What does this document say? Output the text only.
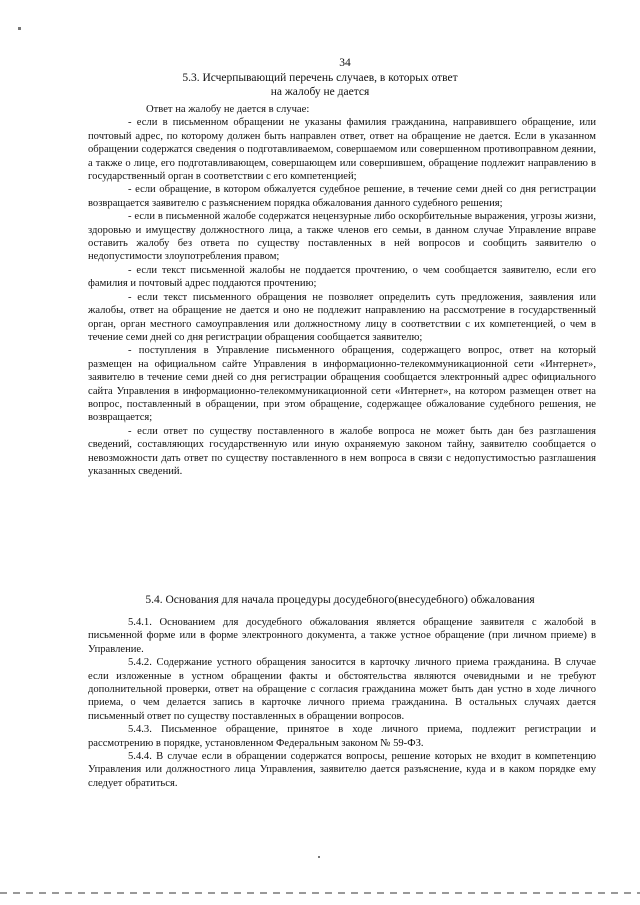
34
5.3. Исчерпывающий перечень случаев, в которых ответ
на жалобу не дается

Ответ на жалобу не дается в случае:

- если в письменном обращении не указаны фамилия гражданина, направившего обращение, или почтовый адрес, по которому должен быть направлен ответ, ответ на обращение не дается. Если в указанном обращении содержатся сведения о подготавливаемом, совершаемом или совершенном противоправном деянии, а также о лице, его подготавливающем, совершающем или совершившем, обращение подлежит направлению в государственный орган в соответствии с его компетенцией;

- если обращение, в котором обжалуется судебное решение, в течение семи дней со дня регистрации возвращается заявителю с разъяснением порядка обжалования данного судебного решения;

- если в письменной жалобе содержатся нецензурные либо оскорбительные выражения, угрозы жизни, здоровью и имуществу должностного лица, а также членов его семьи, в данном случае Управление вправе оставить жалобу без ответа по существу поставленных в ней вопросов и сообщить заявителю о недопустимости злоупотребления правом;

- если текст письменной жалобы не поддается прочтению, о чем сообщается заявителю, если его фамилия и почтовый адрес поддаются прочтению;

- если текст письменного обращения не позволяет определить суть предложения, заявления или жалобы, ответ на обращение не дается и оно не подлежит направлению на рассмотрение в государственный орган, орган местного самоуправления или должностному лицу в соответствии с их компетенцией, о чем в течение семи дней со дня регистрации обращения сообщается заявителю;

- поступления в Управление письменного обращения, содержащего вопрос, ответ на который размещен на официальном сайте Управления в информационно-телекоммуникационной сети «Интернет», заявителю в течение семи дней со дня регистрации обращения сообщается электронный адрес официального сайта Управления в информационно-телекоммуникационной сети «Интернет», на котором размещен ответ на вопрос, поставленный в обращении, при этом обращение, содержащее обжалование судебного решения, не возвращается;

- если ответ по существу поставленного в жалобе вопроса не может быть дан без разглашения сведений, составляющих государственную или иную охраняемую законом тайну, заявителю сообщается о невозможности дать ответ по существу поставленного в нем вопроса в связи с недопустимостью разглашения указанных сведений.

5.4. Основания для начала процедуры досудебного(внесудебного) обжалования

5.4.1. Основанием для досудебного обжалования является обращение заявителя с жалобой в письменной форме или в форме электронного документа, а также устное обращение (при личном приеме) в Управление.

5.4.2. Содержание устного обращения заносится в карточку личного приема гражданина. В случае если изложенные в устном обращении факты и обстоятельства являются очевидными и не требуют дополнительной проверки, ответ на обращение с согласия гражданина может быть дан устно в ходе личного приема, о чем делается запись в карточке личного приема гражданина. В остальных случаях дается письменный ответ по существу поставленных в обращении вопросов.

5.4.3. Письменное обращение, принятое в ходе личного приема, подлежит регистрации и рассмотрению в порядке, установленном Федеральным законом № 59-ФЗ.

5.4.4. В случае если в обращении содержатся вопросы, решение которых не входит в компетенцию Управления или должностного лица Управления, заявителю дается разъяснение, куда и в каком порядке ему следует обратиться.
